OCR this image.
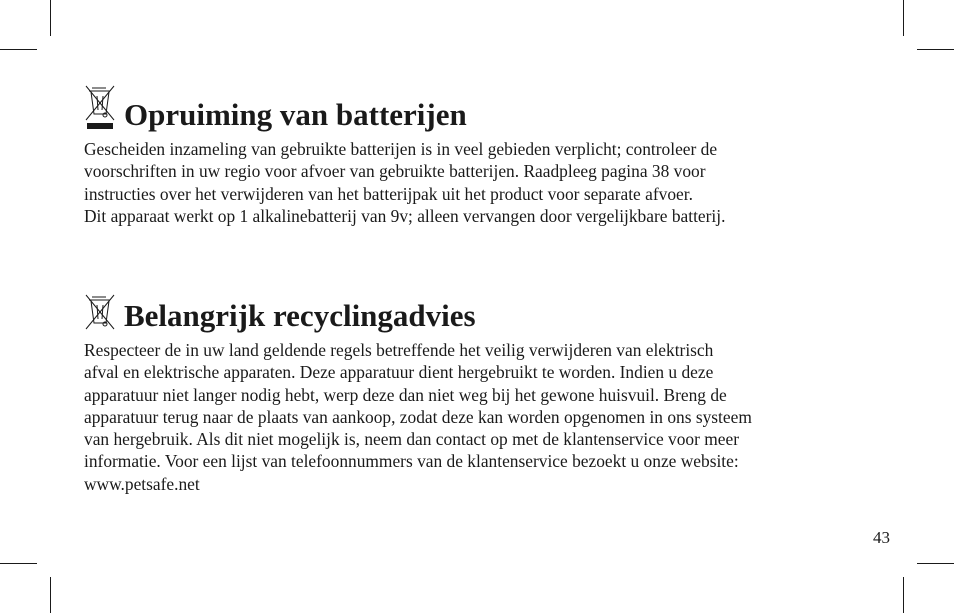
Opruiming van batterijen

Gescheiden inzameling van gebruikte batterijen is in veel gebieden verplicht; controleer de
voorschriften in uw regio voor afvoer van gebruikte batterijen. Raadpleeg pagina 38 voor
instructies over het verwijderen van het batterijpak uit het product voor separate afvoer.
Dit apparaat werkt op 1 alkalinebatterij van 9v; alleen vervangen door vergelijkbare batterij.

Belangrijk recyclingadvies

Respecteer de in uw land geldende regels betreffende het veilig verwijderen van elektrisch
afval en elektrische apparaten. Deze apparatuur dient hergebruikt te worden. Indien u deze
apparatuur niet langer nodig hebt, werp deze dan niet weg bij het gewone huisvuil. Breng de
apparatuur terug naar de plaats van aankoop, zodat deze kan worden opgenomen in ons systeem
van hergebruik. Als dit niet mogelijk is, neem dan contact op met de klantenservice voor meer
informatie. Voor een lijst van telefoonnummers van de klantenservice bezoekt u onze website:
www.petsafe.net

43
